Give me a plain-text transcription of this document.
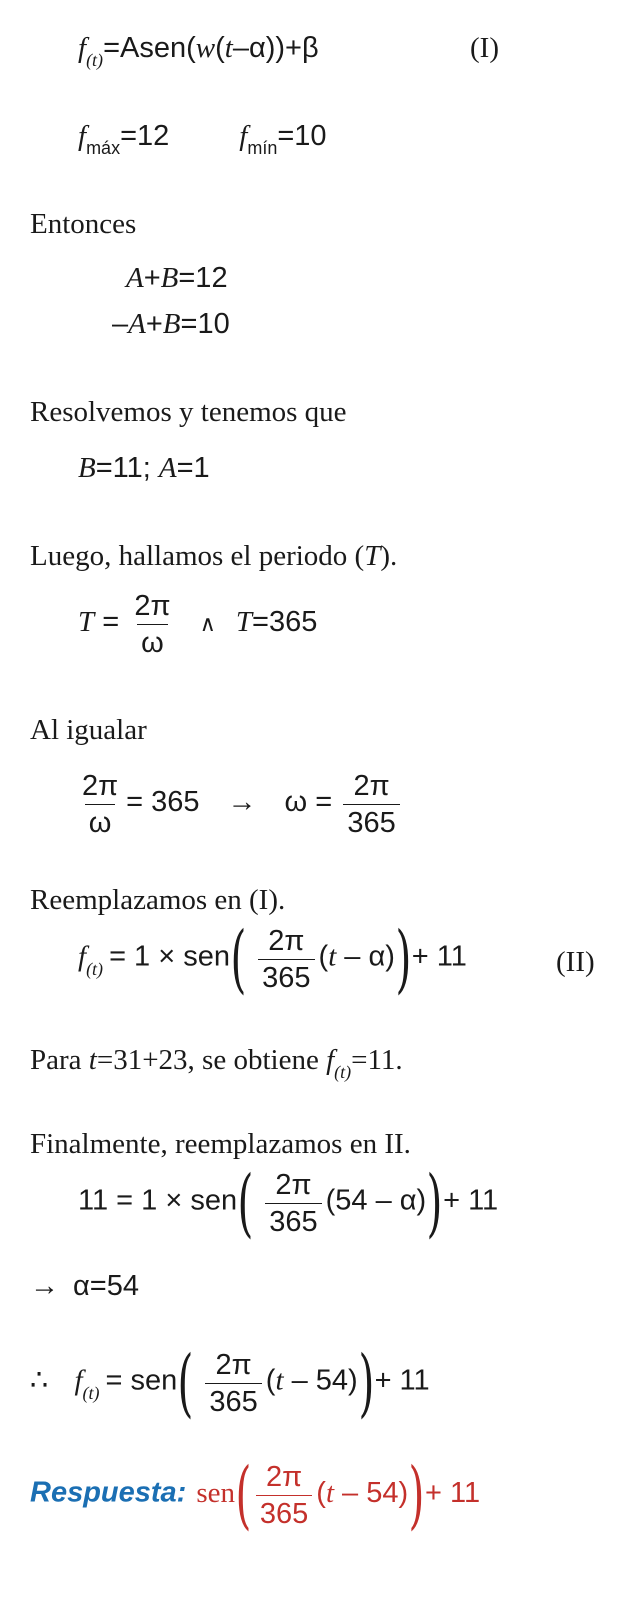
$f_{(t)}=Asen(w(t-\alpha))+\beta$	(I)
$f_{máx}=12$ $f_{mín}=10$
Entonces
A+B=12
–A+B=10
Resolvemos y tenemos que
B=11; A=1
Luego, hallamos el periodo (T).
$T = \frac{2\pi}{\omega}$ ∧ T=365
Al igualar
$\frac{2\pi}{\omega} = 365 \to \omega = \frac{2\pi}{365}$
Reemplazamos en (I).
$f_{(t)} = 1 \times sen( \frac{2\pi}{365} (t - \alpha))+ 11$	(II)
Para t=31+23, se obtiene $f_{(t)}=11$.
Finalmente, reemplazamos en II.
$11 = 1 \times sen( \frac{2\pi}{365} (54 - \alpha))+ 11$
→ α=54
∴ $f_{(t)} = sen( \frac{2\pi}{365} (t - 54))+ 11$
Respuesta: $sen( \frac{2\pi}{365} (t - 54))+ 11$
